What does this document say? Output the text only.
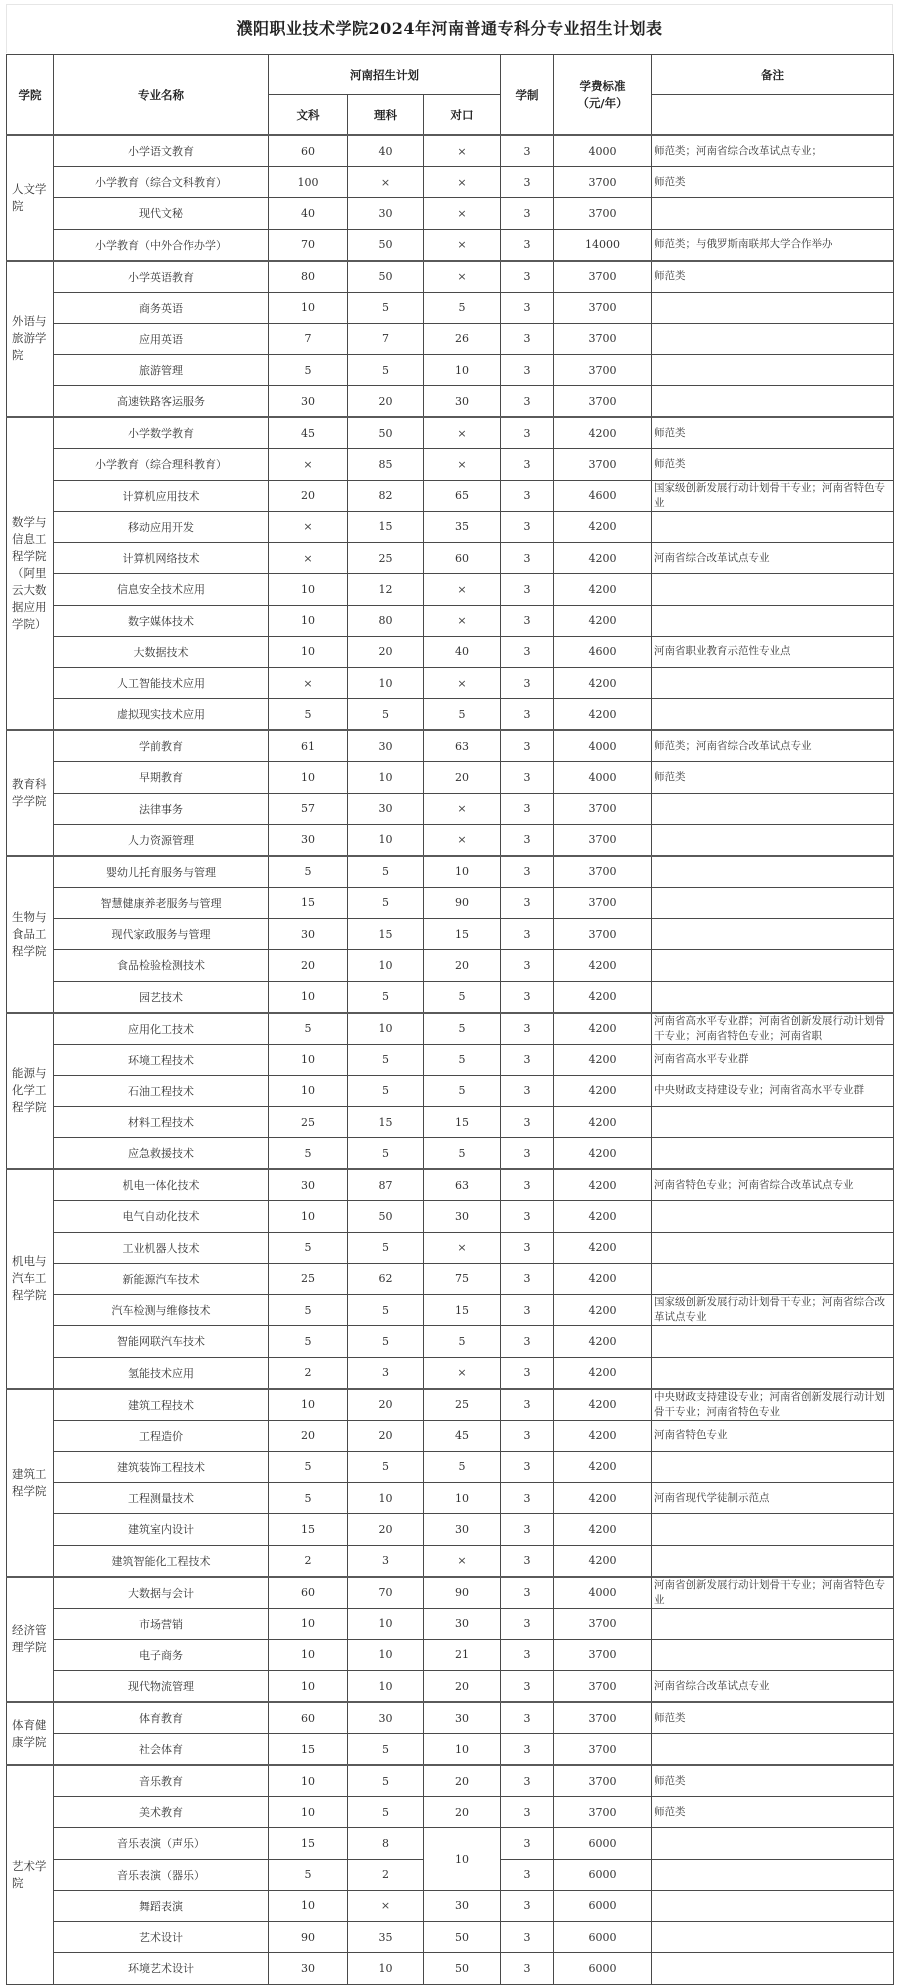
濮阳职业技术学院2024年河南普通专科分专业招生计划表
学院	专业名称	河南招生计划			学制	学费标准（元/年）	备注
		文科	理科	对口			
人文学院	小学语文教育	60	40	×	3	4000	师范类；河南省综合改革试点专业；

	小学教育（综合文科教育）	100	×	×	3	3700	师范类

	现代文秘	40	30	×	3	3700	

	小学教育（中外合作办学）	70	50	×	3	14000	师范类；与俄罗斯南联邦大学合作举办

外语与旅游学院	小学英语教育	80	50	×	3	3700	师范类

	商务英语	10	5	5	3	3700	

	应用英语	7	7	26	3	3700	

	旅游管理	5	5	10	3	3700	

	高速铁路客运服务	30	20	30	3	3700	

数学与信息工程学院（阿里云大数据应用学院）	小学数学教育	45	50	×	3	4200	师范类

	小学教育（综合理科教育）	×	85	×	3	3700	师范类

	计算机应用技术	20	82	65	3	4600	国家级创新发展行动计划骨干专业；河南省特色专业

	移动应用开发	×	15	35	3	4200	

	计算机网络技术	×	25	60	3	4200	河南省综合改革试点专业

	信息安全技术应用	10	12	×	3	4200	

	数字媒体技术	10	80	×	3	4200	

	大数据技术	10	20	40	3	4600	河南省职业教育示范性专业点

	人工智能技术应用	×	10	×	3	4200	

	虚拟现实技术应用	5	5	5	3	4200	

教育科学学院	学前教育	61	30	63	3	4000	师范类；河南省综合改革试点专业

	早期教育	10	10	20	3	4000	师范类

	法律事务	57	30	×	3	3700	

	人力资源管理	30	10	×	3	3700	

生物与食品工程学院	婴幼儿托育服务与管理	5	5	10	3	3700	

	智慧健康养老服务与管理	15	5	90	3	3700	

	现代家政服务与管理	30	15	15	3	3700	

	食品检验检测技术	20	10	20	3	4200	

	园艺技术	10	5	5	3	4200	

能源与化学工程学院	应用化工技术	5	10	5	3	4200	河南省高水平专业群；河南省创新发展行动计划骨干专业；河南省特色专业；河南省职

	环境工程技术	10	5	5	3	4200	河南省高水平专业群

	石油工程技术	10	5	5	3	4200	中央财政支持建设专业；河南省高水平专业群

	材料工程技术	25	15	15	3	4200	

	应急救援技术	5	5	5	3	4200	

机电与汽车工程学院	机电一体化技术	30	87	63	3	4200	河南省特色专业；河南省综合改革试点专业

	电气自动化技术	10	50	30	3	4200	

	工业机器人技术	5	5	×	3	4200	

	新能源汽车技术	25	62	75	3	4200	

	汽车检测与维修技术	5	5	15	3	4200	国家级创新发展行动计划骨干专业；河南省综合改革试点专业

	智能网联汽车技术	5	5	5	3	4200	

	氢能技术应用	2	3	×	3	4200	

建筑工程学院	建筑工程技术	10	20	25	3	4200	中央财政支持建设专业；河南省创新发展行动计划骨干专业；河南省特色专业

	工程造价	20	20	45	3	4200	河南省特色专业

	建筑装饰工程技术	5	5	5	3	4200	

	工程测量技术	5	10	10	3	4200	河南省现代学徒制示范点

	建筑室内设计	15	20	30	3	4200	

	建筑智能化工程技术	2	3	×	3	4200	

经济管理学院	大数据与会计	60	70	90	3	4000	河南省创新发展行动计划骨干专业；河南省特色专业

	市场营销	10	10	30	3	3700	

	电子商务	10	10	21	3	3700	

	现代物流管理	10	10	20	3	3700	河南省综合改革试点专业

体育健康学院	体育教育	60	30	30	3	3700	师范类

	社会体育	15	5	10	3	3700	

艺术学院	音乐教育	10	5	20	3	3700	师范类

	美术教育	10	5	20	3	3700	师范类

	音乐表演（声乐）	15	8	10	3	6000	

	音乐表演（器乐）	5	2		3	6000	

	舞蹈表演	10	×	30	3	6000	

	艺术设计	90	35	50	3	6000	

	环境艺术设计	30	10	50	3	6000	
